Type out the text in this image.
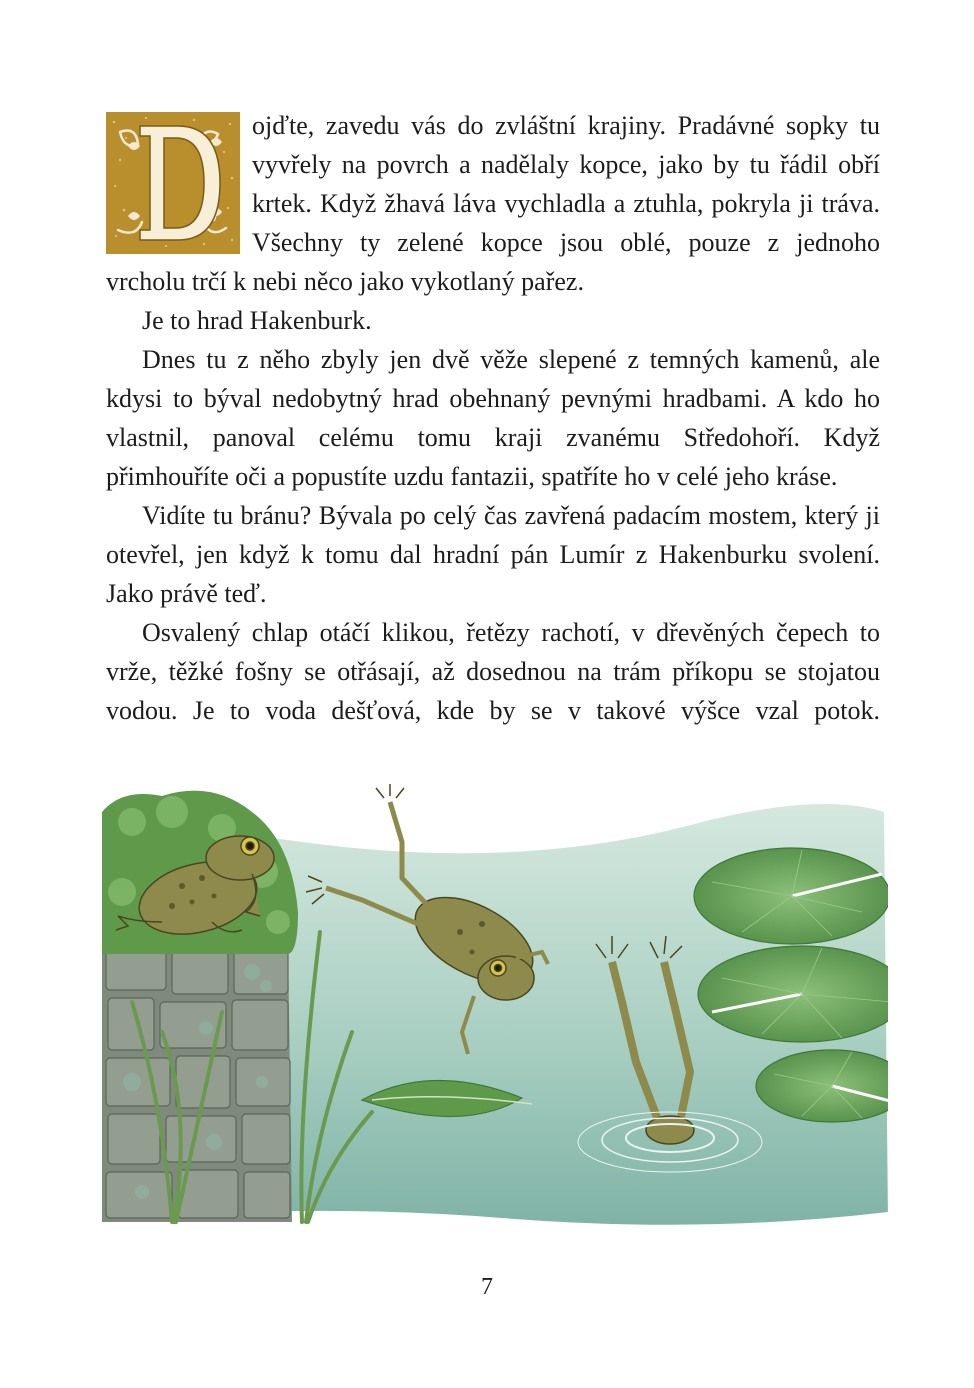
ojďte, zavedu vás do zvláštní krajiny. Pradávné sopky tu vyvřely na povrch a nadělaly kopce, jako by tu řádil obří krtek. Když žhavá láva vychladla a ztuhla, pokryla ji tráva. Všechny ty zelené kopce jsou oblé, pouze z jednoho vrcholu trčí k nebi něco jako vykotlaný pařez.

Je to hrad Hakenburk.

Dnes tu z něho zbyly jen dvě věže slepené z temných kamenů, ale kdysi to býval nedobytný hrad obehnaný pevnými hradbami. A kdo ho vlastnil, panoval celému tomu kraji zvanému Středohoří. Když přimhouříte oči a popustíte uzdu fantazii, spatříte ho v celé jeho kráse.

Vidíte tu bránu? Bývala po celý čas zavřená padacím mostem, který ji otevřel, jen když k tomu dal hradní pán Lumír z Hakenburku svolení. Jako právě teď.

Osvalený chlap otáčí klikou, řetězy rachotí, v dřevěných čepech to vrže, těžké fošny se otřásají, až dosednou na trám příkopu se stojatou vodou. Je to voda dešťová, kde by se v takové výšce vzal potok.

7
